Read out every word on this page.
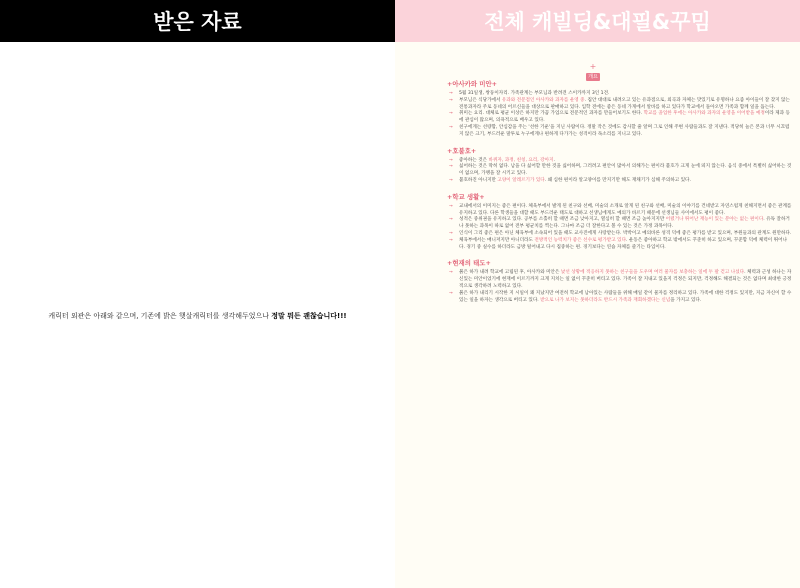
받은 자료	전체 캐빌딩&대필&꾸밈
캐릭터 외관은 아래와 같으며, 기존에 밝은 햇살캐릭터를 생각해두었으나 정말 뭐든 괜찮습니다!!!
+
개요
+아사카와 미안+
→ 5월 31일생, 쌍둥이자리. 가족관계는 부모님과 반려견 스이카까지 3인 1견.
→ 부모님은 식당가에서 유과와 전문점인 아사카와 과자를 운영 중. 집안 대대로 내려오고 있는 유과점으로, 외곡과 자체는 맛있기로 유명하나 요즘 아이들이 잘 찾지 않는 전통과자라 주로 동네의 어르신들을 대상으로 판매하고 있다. 입학 전에는 좋은 동네 가게에서 알바를 하고 있다가 학교에서 돌아오면 가족과 함께 일을 돕는다.
→ 취미는 요리. 대체로 평균 이상은 하지만 가끔 가업으로 전문적인 과자를 만들어보기도 한다. 학교를 졸업한 후에는 아사카와 과자의 운영을 이어받을 예정이라 제과 등에 관심이 많으며, 의욕적으로 배우고 있다.
→ 친구에게는 선량함, 안심감을 주는 '선한 기운'을 지닌 사람이다. 정말 작은 것에도 감사할 줄 알며 그로 인해 주변 사람들과도 잘 지낸다. 적당히 늘은 본과 너무 시끄럽지 않은 크기, 부드러운 말투로 누구에게나 편하게 다가가는 성격이라 독소리를 지니고 있다.
+호불호+
→ 좋아하는 것은 바퀴자, 과정, 친칭, 요리, 강아지.
→ 싫어하는 것은 딱히 없다. 남을 다 싫어할 만한 것을 싫어하며, 그러려고 편안이 많아서 의해가는 편이라 불호가 크게 눈에 띄지 않는다. 음식 중에서 특별히 싫어하는 것이 없으며, 가맹을 잘 시키고 있다.
→ 불호하진 아니지만 고양이 알레르기가 있다. 왜 심한 편이라 알고양이를 만지기만 해도 재채기가 심해 주의하고 있다.
+학교 생활+
→ 교내에서의 이미지는 좋은 편이다. 체육부에서 발게 된 친구와 선배, 미술의 소개로 알게 된 친구와 선배, 미술의 이야기를 건네받고 자연스럽게 친해지면서 좋은 관계를 유지하고 있다. 다른 학생들을 대할 때도 부드러운 태도로 대하고 선생님에게도 예의가 바르기 때문에 선생님들 사이에서도 평이 좋다.
→ 성적은 중위권을 유지하고 있다. 공부를 소홀히 할 때면 조금 낮아지고, 열심히 할 때면 조금 높아지지만 어렸거나 뛰어난 재능이 있는 분야는 없는 편이다. 유독 잘하거나 못하는 과목이 따로 없어 전부 평균치를 찍는다. 그나마 조금 더 잘한다고 볼 수 있는 것은 가정 과목이다.
→ 인식이 그리 좋은 편은 아닌 체육부에 소속되어 있을 때도 교사진에게 사랑받는다. 박박이고 예의바른 성격 덕에 좋은 평가를 받고 있으며, 부원들과의 관계도 원만하다.
→ 체육부에서는 매니저지만 아니더라도 전방적인 능력치가 좋은 선수로 평가받고 있다. 운동은 좋아하고 학교 밖에서도 꾸준히 하고 있으며, 꾸준함 덕에 체력이 뛰어나다. 경기 중 실수를 하더라도 금방 털어내고 다시 집중하는 편. 경기보다는 연습 자체를 즐기는 타입이다.
+현재의 태도+
→ 붉은 하가 내려 학교에 고립된 후, 아사카와 미안은 낯선 상황에 적응하지 못하는 친구들을 도우며 여러 물자를 보충하는 일에 두 팔 걷고 나섰다. 체력과 근성 하나는 자신있는 미안이었기에 현재에 이르기까지 크게 지치는 일 없이 꾸준히 버티고 있다. 가족이 잘 지내고 있을지 걱정은 되지만, 걱정해도 해결되는 것은 없다며 최대한 긍정적으로 생각하려 노력하고 있다.
→ 붉은 하가 내리기 시작한 지 시일이 꽤 지났지만 여전히 학교에 남아있는 사람들을 위해 매일 같이 물자를 정리하고 있다. 가족에 대한 걱정도 있지만, 지금 자신이 할 수 있는 일을 하자는 생각으로 버티고 있다. 받으로 나가 보지는 못하더라도 반드시 가족과 재회하겠다는 신념을 가지고 있다.
